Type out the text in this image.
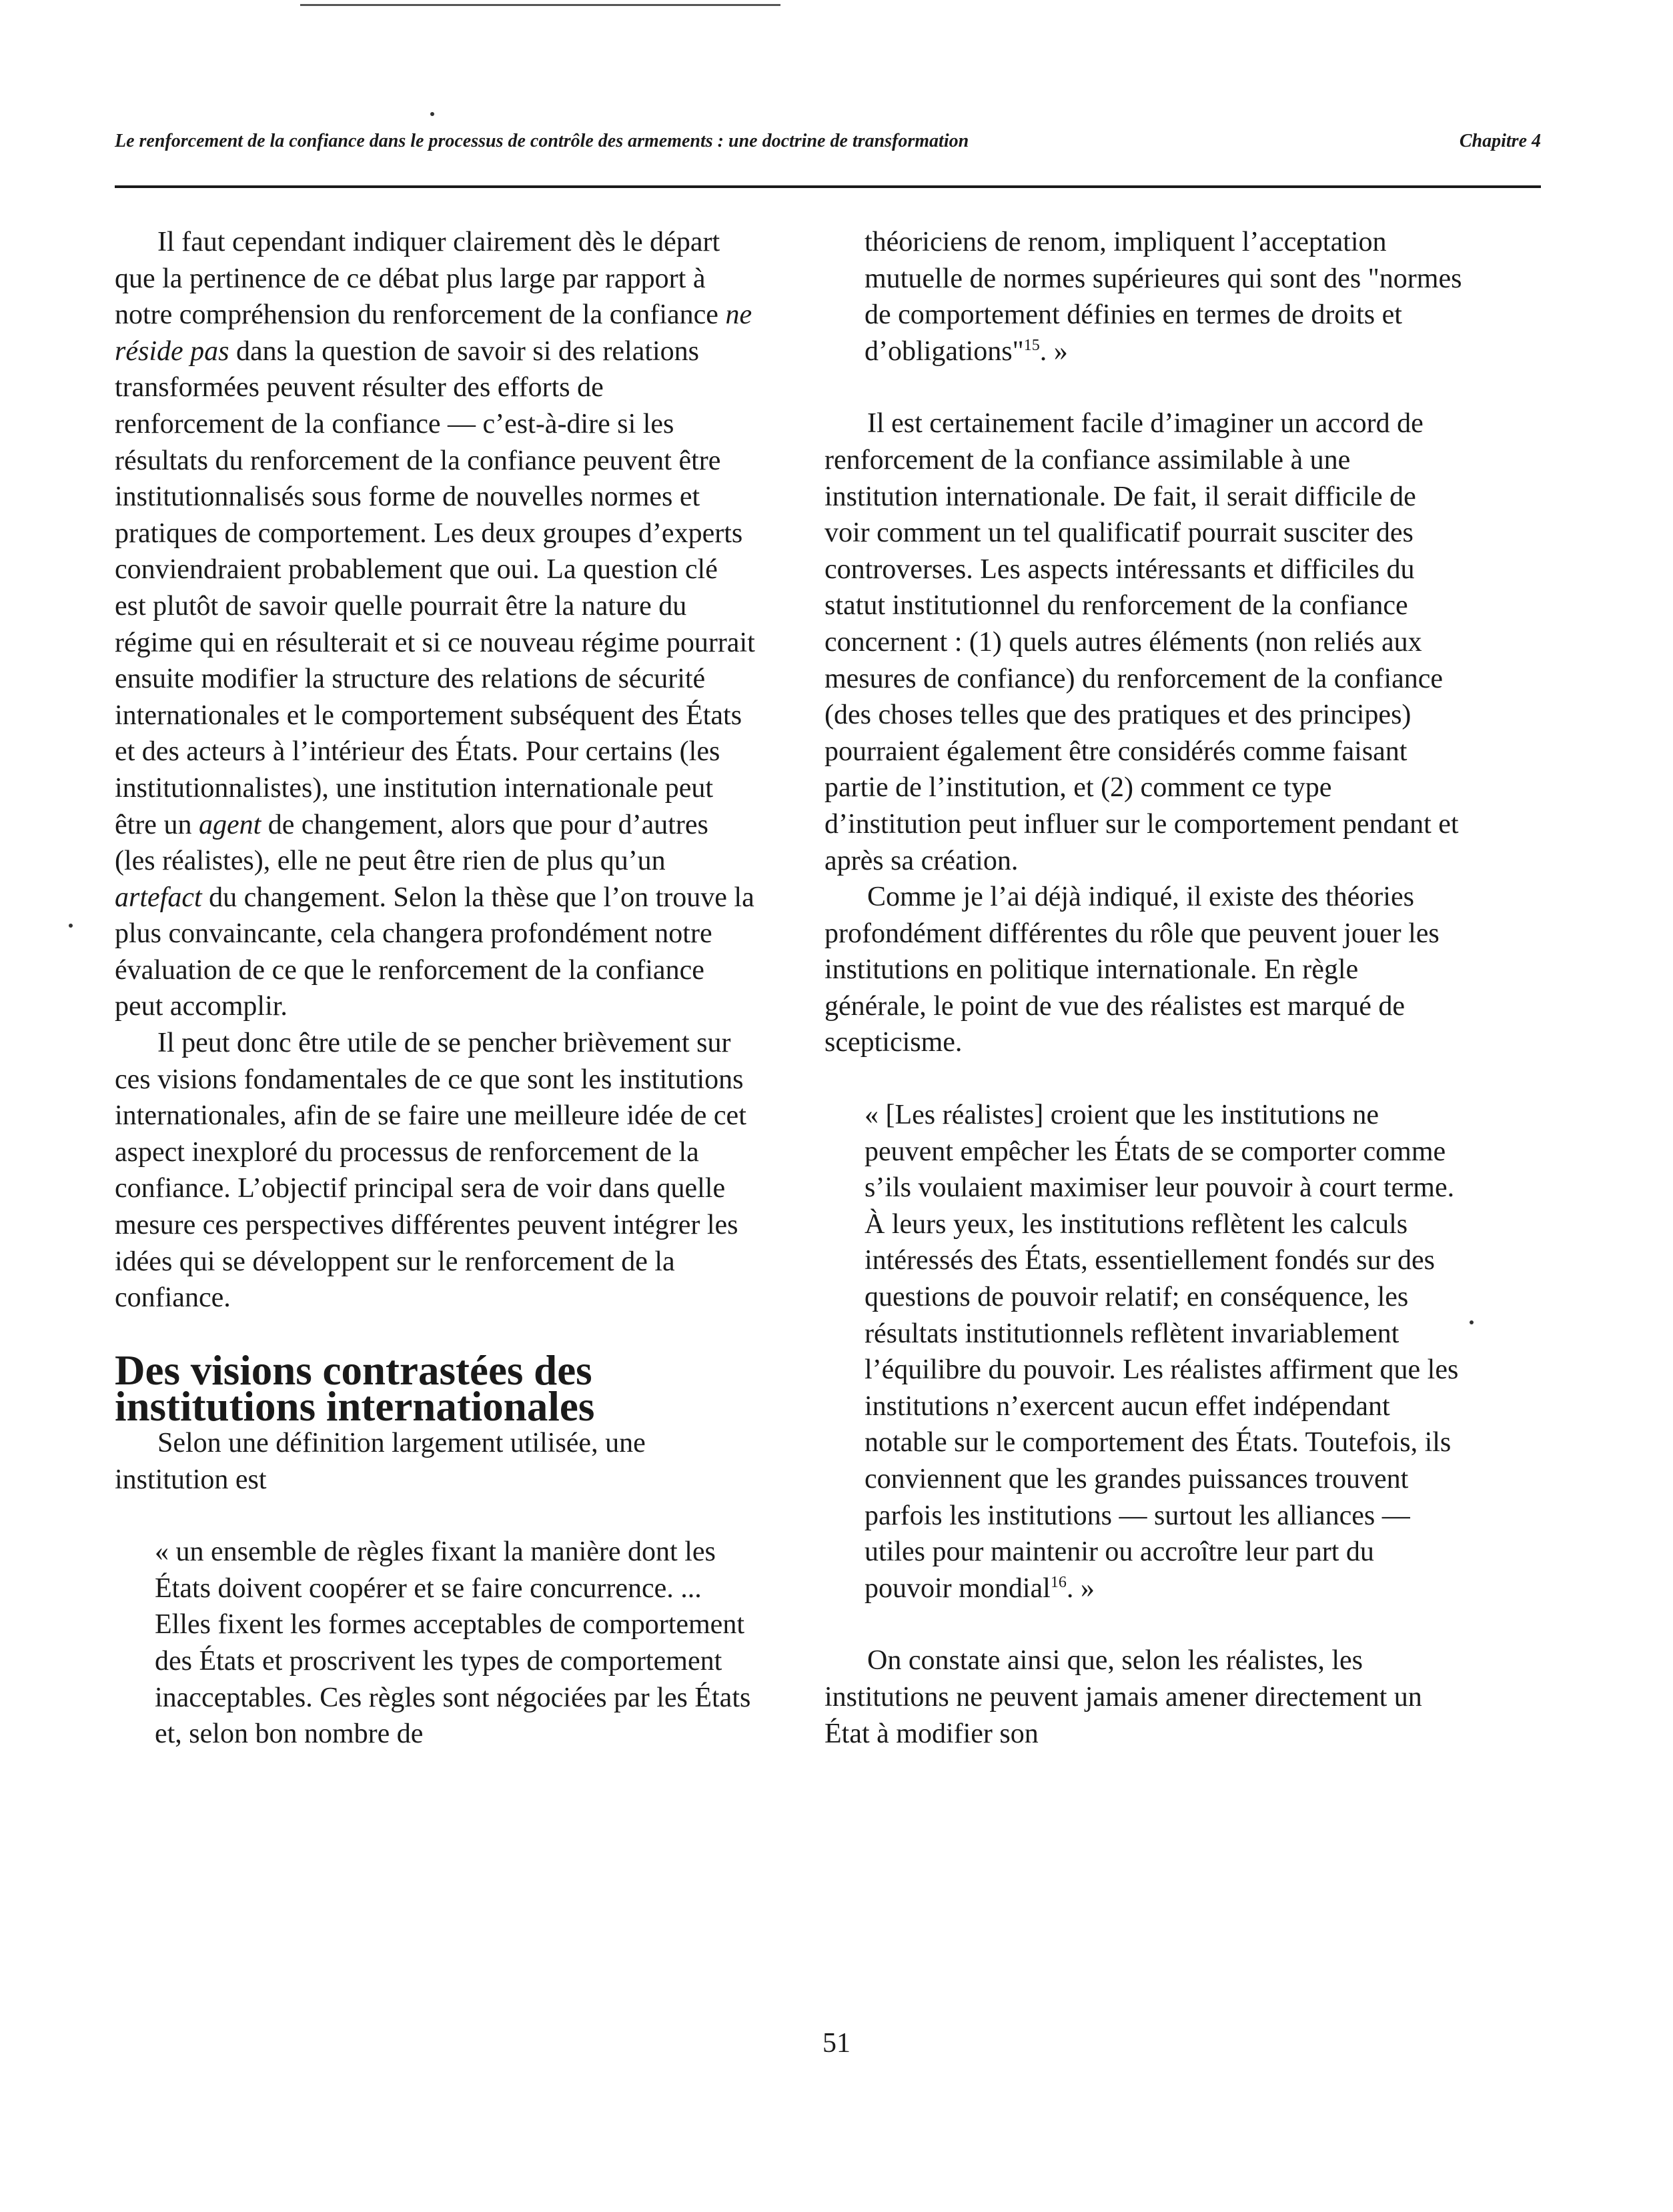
Le renforcement de la confiance dans le processus de contrôle des armements : une doctrine de transformation	Chapitre 4

Il faut cependant indiquer clairement dès le départ que la pertinence de ce débat plus large par rapport à notre compréhension du renforcement de la confiance ne réside pas dans la question de savoir si des relations transformées peuvent résulter des efforts de renforcement de la confiance — c’est-à-dire si les résultats du renforcement de la confiance peuvent être institutionnalisés sous forme de nouvelles normes et pratiques de comportement. Les deux groupes d’experts conviendraient probablement que oui. La question clé est plutôt de savoir quelle pourrait être la nature du régime qui en résulterait et si ce nouveau régime pourrait ensuite modifier la structure des relations de sécurité internationales et le comportement subséquent des États et des acteurs à l’intérieur des États. Pour certains (les institutionnalistes), une institution internationale peut être un agent de changement, alors que pour d’autres (les réalistes), elle ne peut être rien de plus qu’un artefact du changement. Selon la thèse que l’on trouve la plus convaincante, cela changera profondément notre évaluation de ce que le renforcement de la confiance peut accomplir.

Il peut donc être utile de se pencher brièvement sur ces visions fondamentales de ce que sont les institutions internationales, afin de se faire une meilleure idée de cet aspect inexploré du processus de renforcement de la confiance. L’objectif principal sera de voir dans quelle mesure ces perspectives différentes peuvent intégrer les idées qui se développent sur le renforcement de la confiance.

Des visions contrastées des institutions internationales

Selon une définition largement utilisée, une institution est

« un ensemble de règles fixant la manière dont les États doivent coopérer et se faire concurrence. ... Elles fixent les formes acceptables de comportement des États et proscrivent les types de comportement inacceptables. Ces règles sont négociées par les États et, selon bon nombre de

théoriciens de renom, impliquent l’acceptation mutuelle de normes supérieures qui sont des "normes de comportement définies en termes de droits et d’obligations"$^{15}$. »

Il est certainement facile d’imaginer un accord de renforcement de la confiance assimilable à une institution internationale. De fait, il serait difficile de voir comment un tel qualificatif pourrait susciter des controverses. Les aspects intéressants et difficiles du statut institutionnel du renforcement de la confiance concernent : (1) quels autres éléments (non reliés aux mesures de confiance) du renforcement de la confiance (des choses telles que des pratiques et des principes) pourraient également être considérés comme faisant partie de l’institution, et (2) comment ce type d’institution peut influer sur le comportement pendant et après sa création.

Comme je l’ai déjà indiqué, il existe des théories profondément différentes du rôle que peuvent jouer les institutions en politique internationale. En règle générale, le point de vue des réalistes est marqué de scepticisme.

« [Les réalistes] croient que les institutions ne peuvent empêcher les États de se comporter comme s’ils voulaient maximiser leur pouvoir à court terme. À leurs yeux, les institutions reflètent les calculs intéressés des États, essentiellement fondés sur des questions de pouvoir relatif; en conséquence, les résultats institutionnels reflètent invariablement l’équilibre du pouvoir. Les réalistes affirment que les institutions n’exercent aucun effet indépendant notable sur le comportement des États. Toutefois, ils conviennent que les grandes puissances trouvent parfois les institutions — surtout les alliances — utiles pour maintenir ou accroître leur part du pouvoir mondial$^{16}$. »

On constate ainsi que, selon les réalistes, les institutions ne peuvent jamais amener directement un État à modifier son

51
